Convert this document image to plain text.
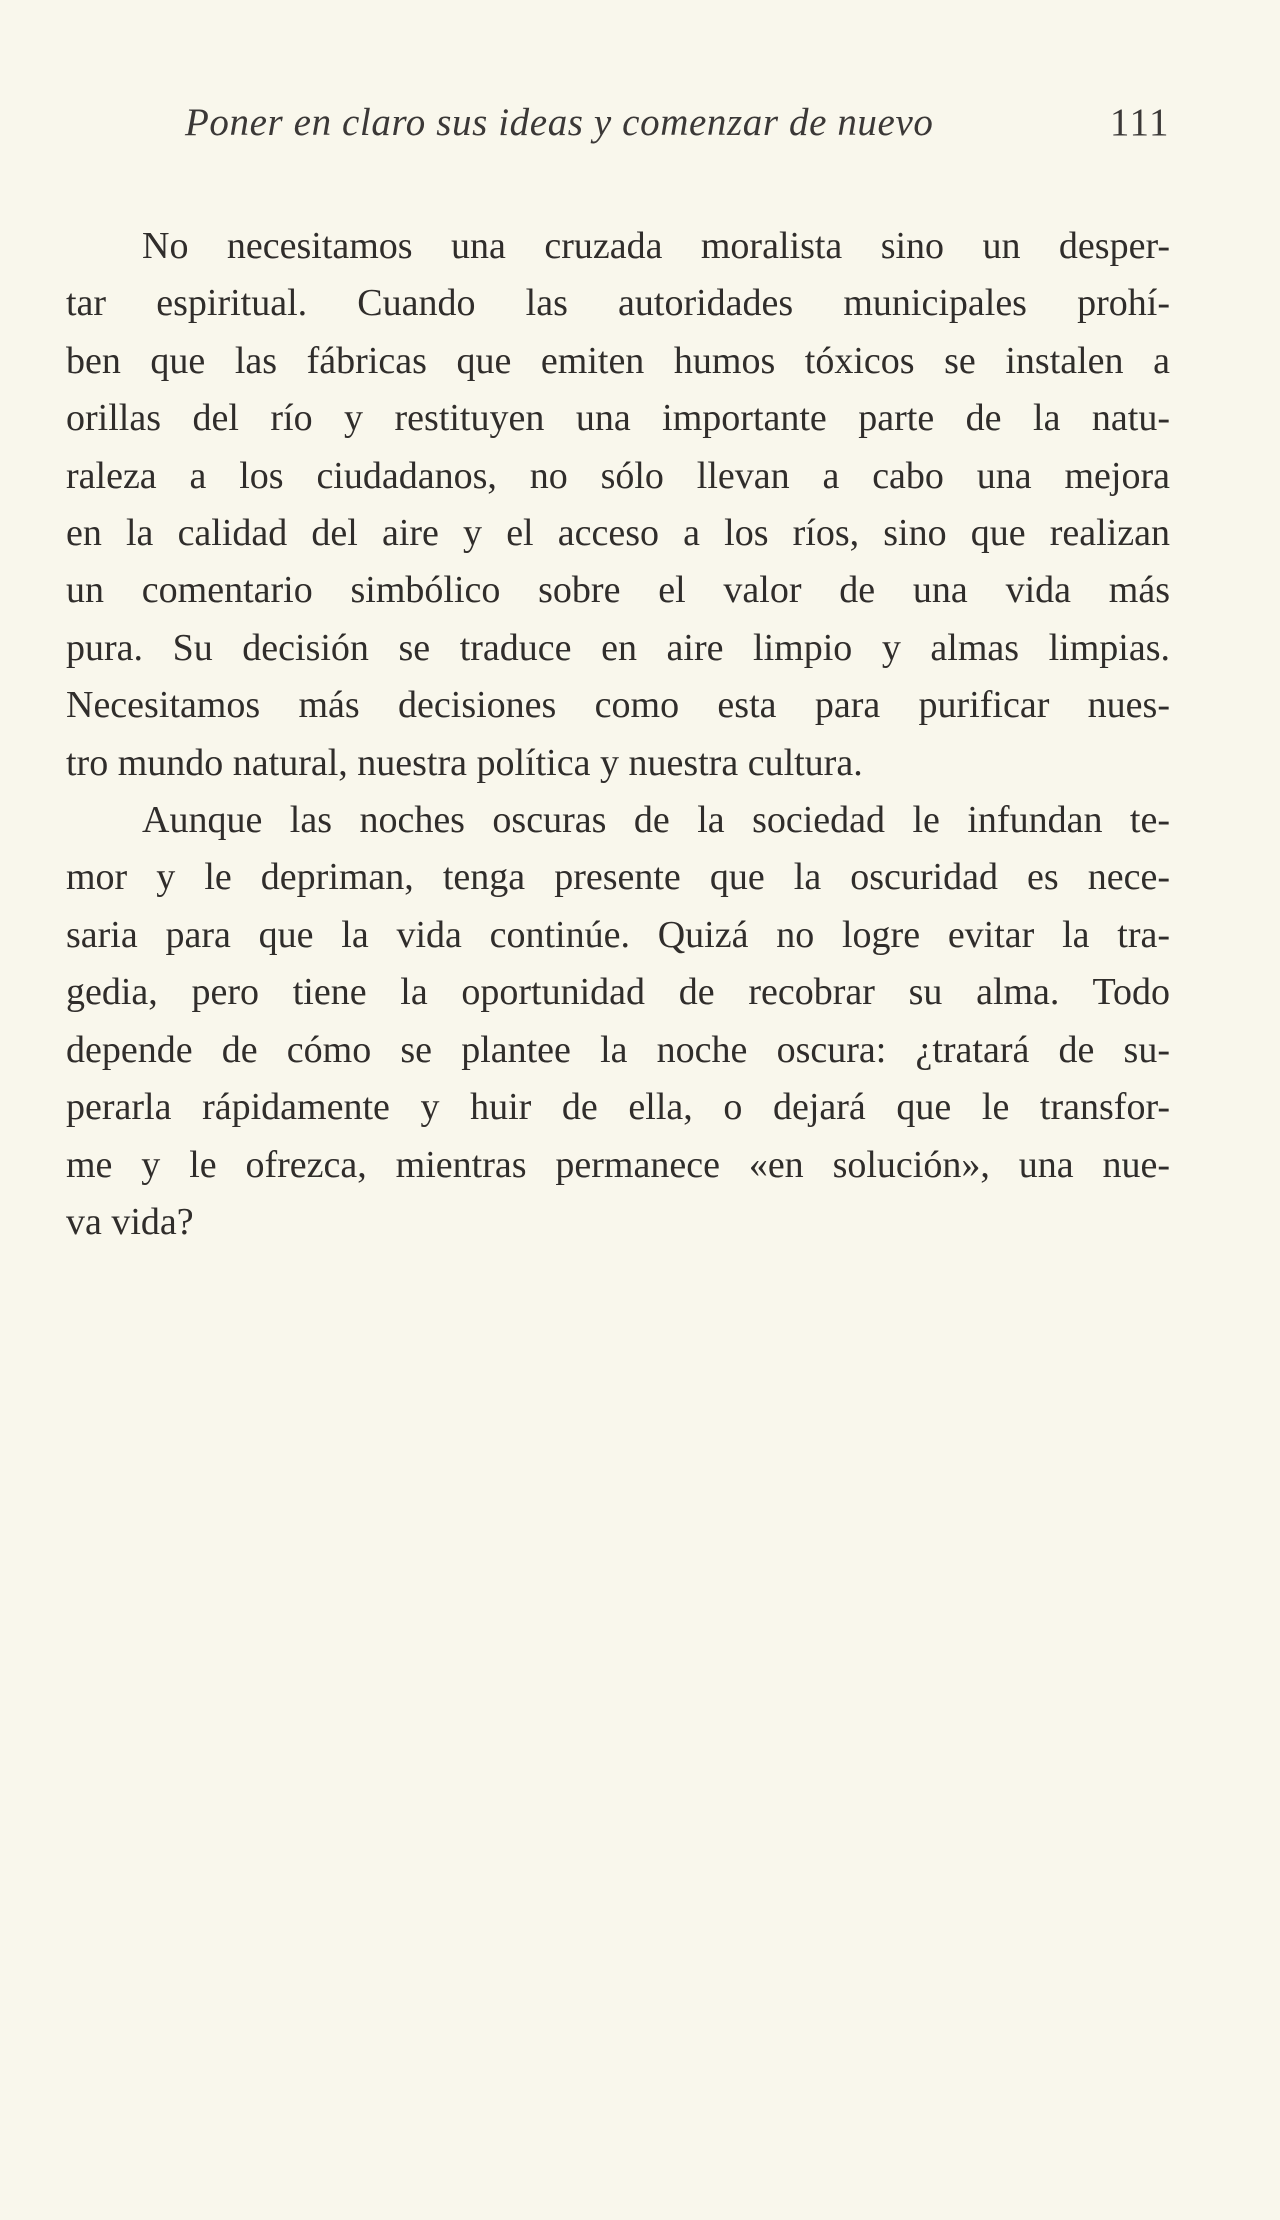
Poner en claro sus ideas y comenzar de nuevo	111

No necesitamos una cruzada moralista sino un desper-
tar espiritual. Cuando las autoridades municipales prohí-
ben que las fábricas que emiten humos tóxicos se instalen a
orillas del río y restituyen una importante parte de la natu-
raleza a los ciudadanos, no sólo llevan a cabo una mejora
en la calidad del aire y el acceso a los ríos, sino que realizan
un comentario simbólico sobre el valor de una vida más
pura. Su decisión se traduce en aire limpio y almas limpias.
Necesitamos más decisiones como esta para purificar nues-
tro mundo natural, nuestra política y nuestra cultura.

Aunque las noches oscuras de la sociedad le infundan te-
mor y le depriman, tenga presente que la oscuridad es nece-
saria para que la vida continúe. Quizá no logre evitar la tra-
gedia, pero tiene la oportunidad de recobrar su alma. Todo
depende de cómo se plantee la noche oscura: ¿tratará de su-
perarla rápidamente y huir de ella, o dejará que le transfor-
me y le ofrezca, mientras permanece «en solución», una nue-
va vida?
